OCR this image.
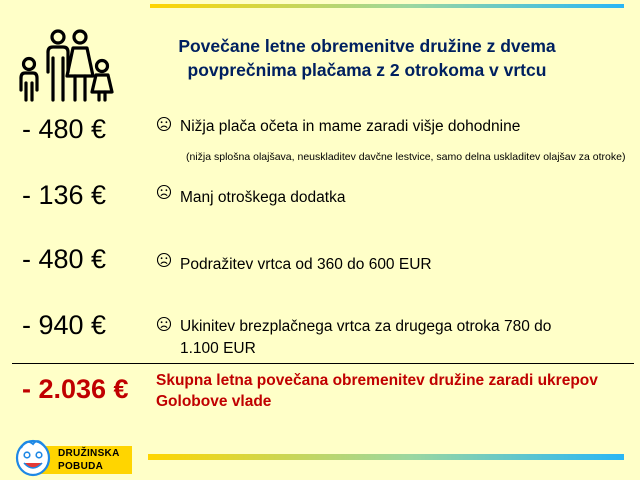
Povečane letne obremenitve družine z dvema
povprečnima plačama z 2 otrokoma v vrtcu
- 480 €	Nižja plača očeta in mame zaradi višje dohodnine
(nižja splošna olajšava, neuskladitev davčne lestvice, samo delna uskladitev olajšav za otroke)
- 136 €	Manj otroškega dodatka
- 480 €	Podražitev vrtca od 360 do 600 EUR
- 940 €	Ukinitev brezplačnega vrtca za drugega otroka 780 do
1.100 EUR
- 2.036 € Skupna letna povečana obremenitev družine zaradi ukrepov Golobove vlade
DRUŽINSKA
POBUDA
